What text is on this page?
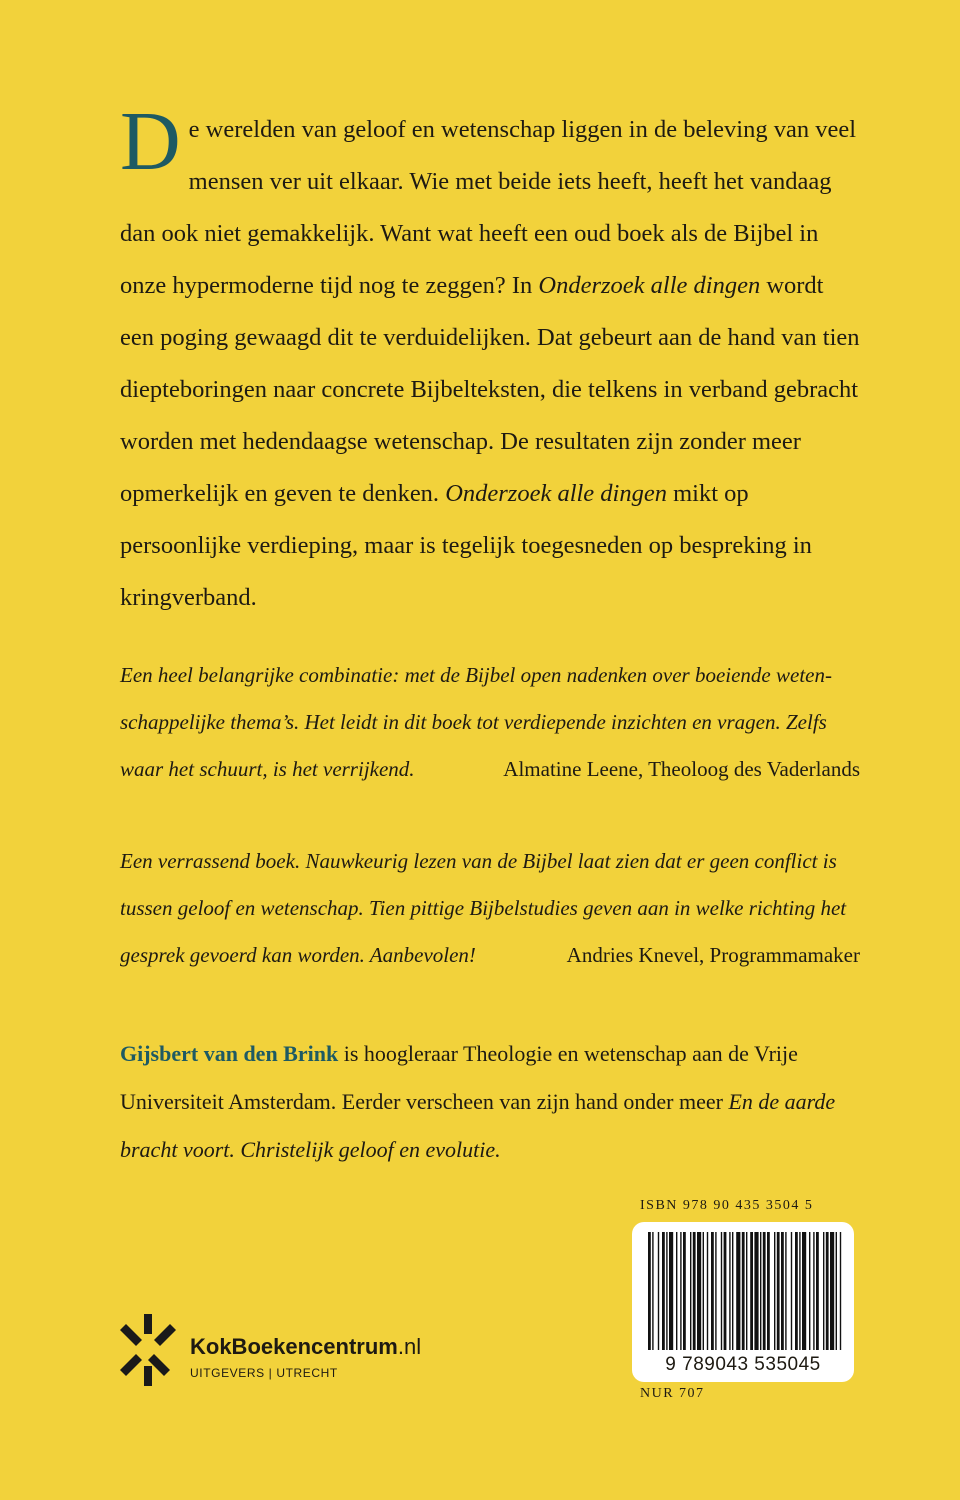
De werelden van geloof en wetenschap liggen in de beleving van veel mensen ver uit elkaar. Wie met beide iets heeft, heeft het vandaag dan ook niet gemakkelijk. Want wat heeft een oud boek als de Bijbel in onze hypermoderne tijd nog te zeggen? In Onderzoek alle dingen wordt een poging gewaagd dit te verduidelijken. Dat gebeurt aan de hand van tien diepteboringen naar concrete Bijbelteksten, die telkens in verband gebracht worden met hedendaagse wetenschap. De resultaten zijn zonder meer opmerkelijk en geven te denken. Onderzoek alle dingen mikt op persoonlijke verdieping, maar is tegelijk toegesneden op bespreking in kringverband.
Een heel belangrijke combinatie: met de Bijbel open nadenken over boeiende wetenschappelijke thema’s. Het leidt in dit boek tot verdiepende inzichten en vragen. Zelfs waar het schuurt, is het verrijkend.	Almatine Leene, Theoloog des Vaderlands
Een verrassend boek. Nauwkeurig lezen van de Bijbel laat zien dat er geen conflict is tussen geloof en wetenschap. Tien pittige Bijbelstudies geven aan in welke richting het gesprek gevoerd kan worden. Aanbevolen!	Andries Knevel, Programmamaker
Gijsbert van den Brink is hoogleraar Theologie en wetenschap aan de Vrije Universiteit Amsterdam. Eerder verscheen van zijn hand onder meer En de aarde bracht voort. Christelijk geloof en evolutie.
ISBN 978 90 435 3504 5
9 789043 535045
NUR 707
KokBoekencentrum.nl
UITGEVERS | UTRECHT
